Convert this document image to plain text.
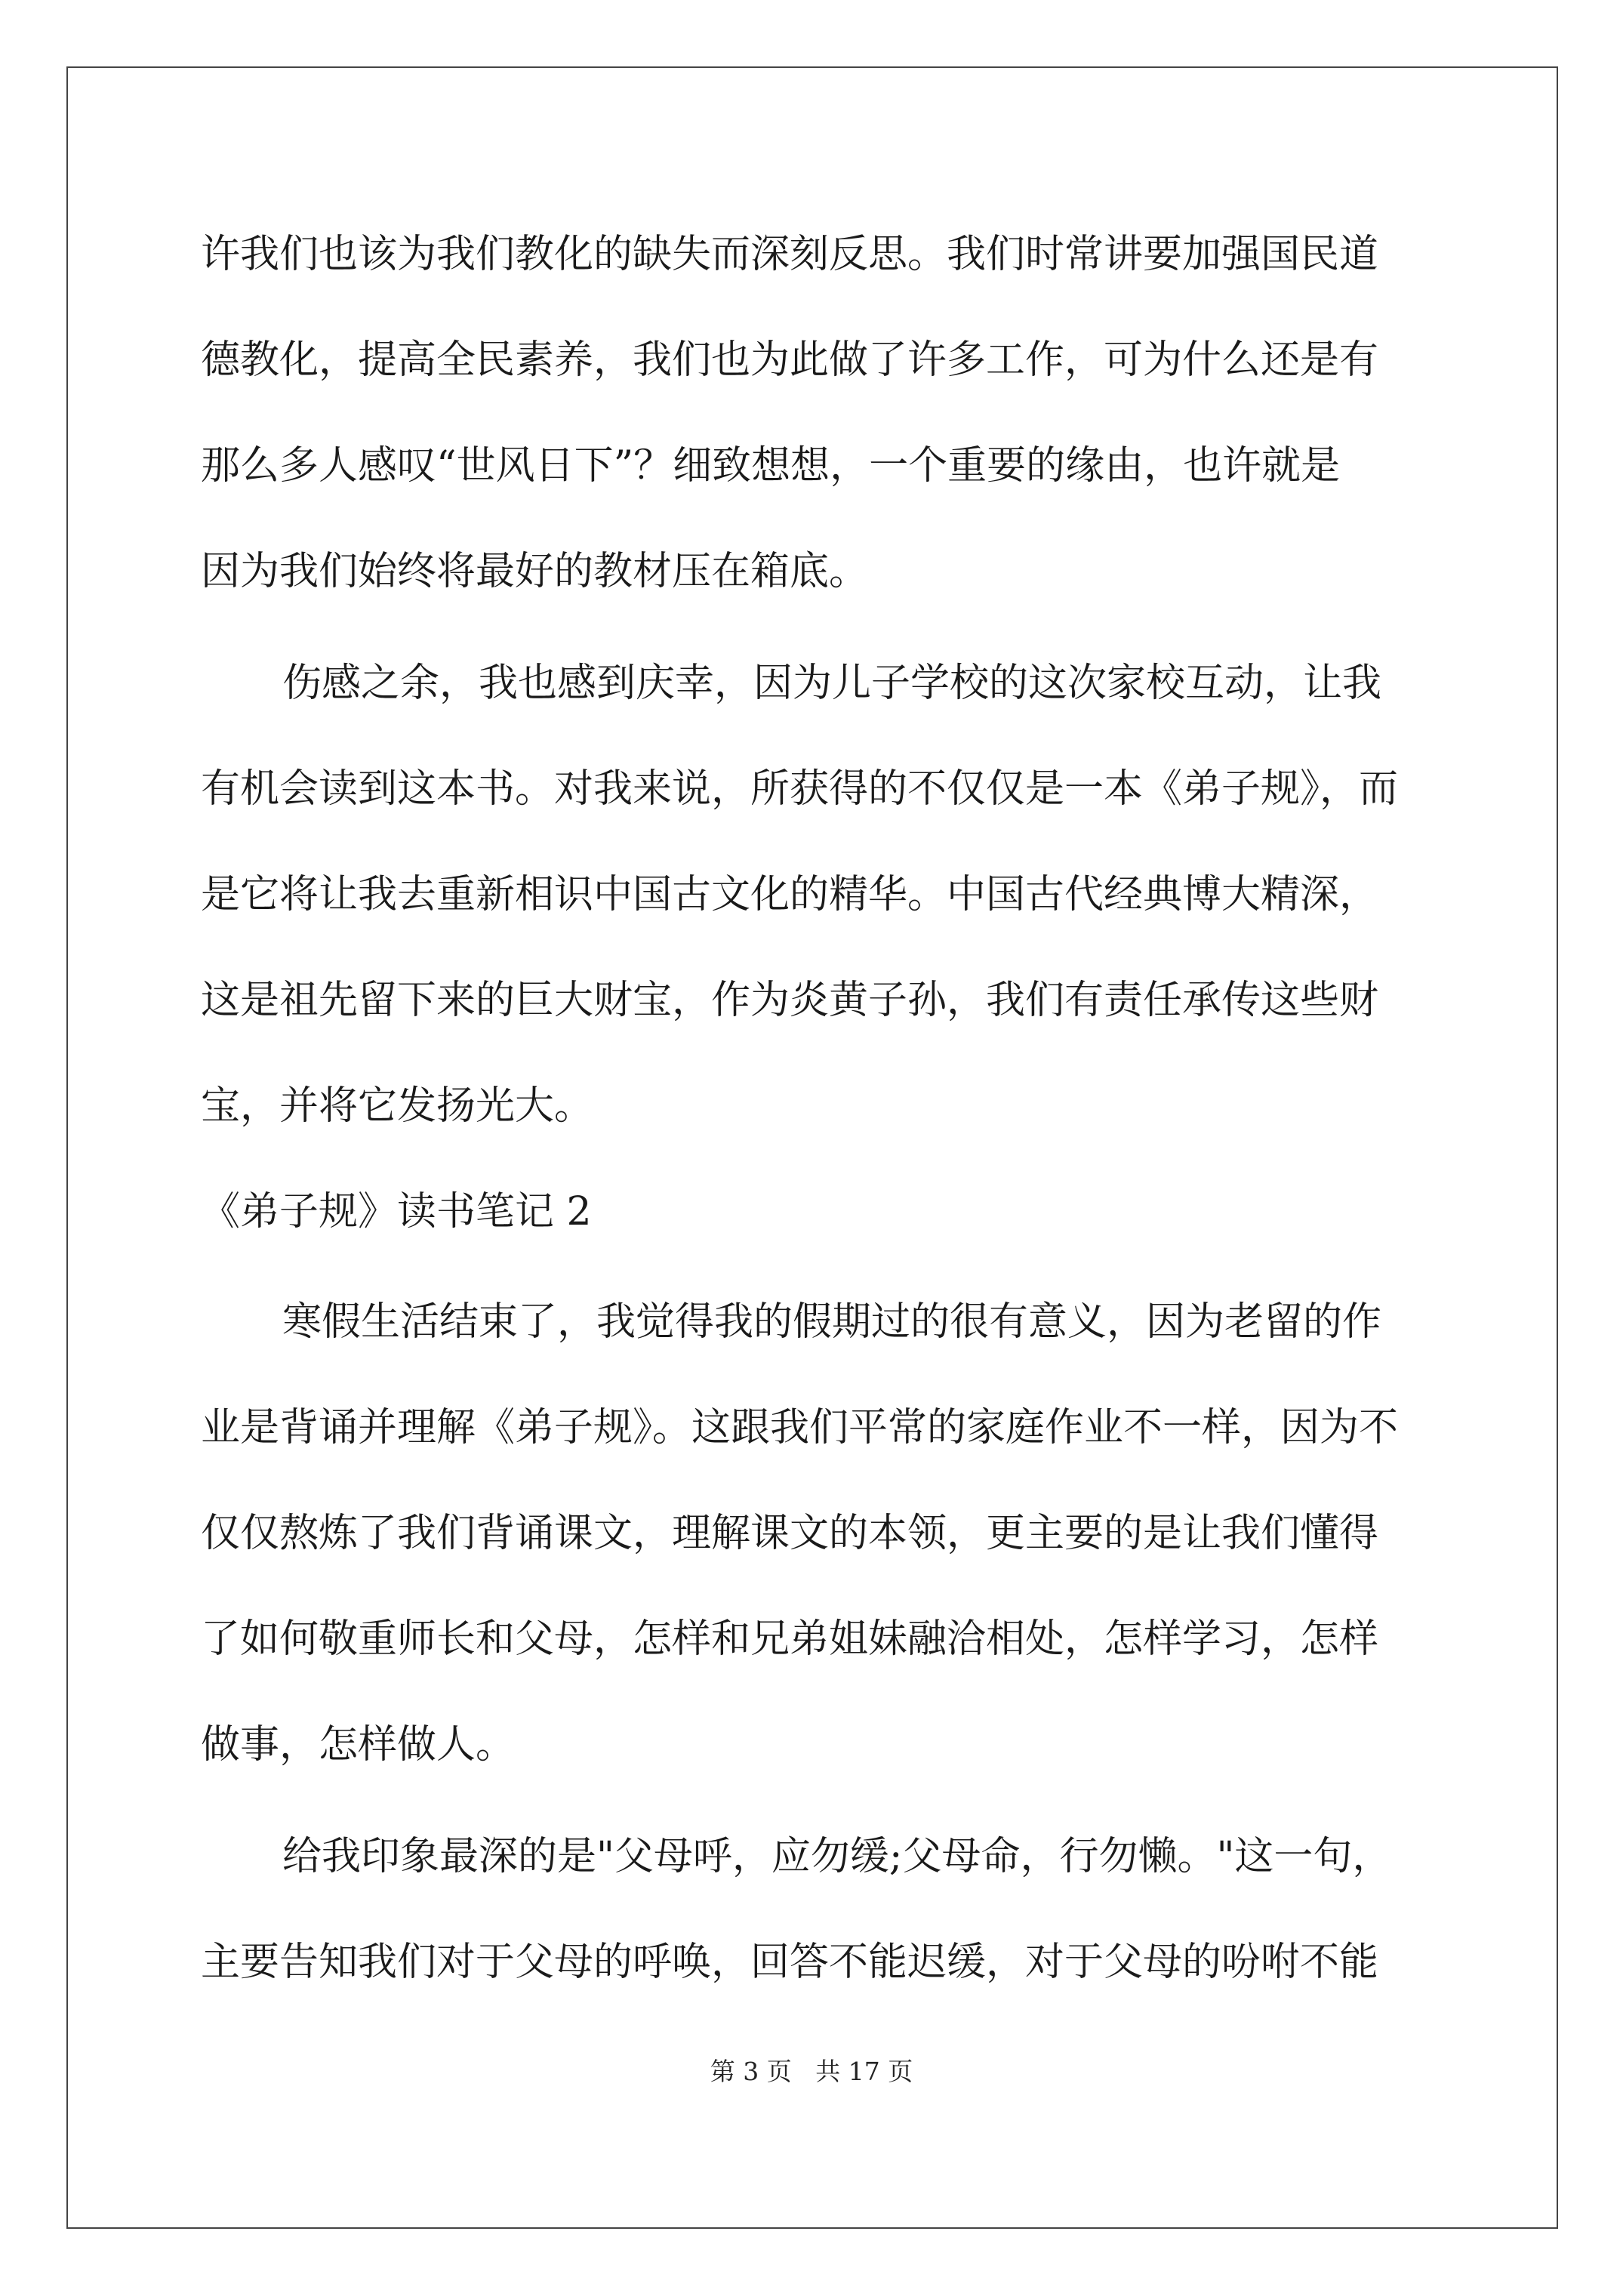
许我们也该为我们教化的缺失而深刻反思。我们时常讲要加强国民道
德教化，提高全民素养，我们也为此做了许多工作，可为什么还是有
那么多人感叹“世风日下”？细致想想，一个重要的缘由，也许就是
因为我们始终将最好的教材压在箱底。
伤感之余，我也感到庆幸，因为儿子学校的这次家校互动，让我
有机会读到这本书。对我来说，所获得的不仅仅是一本《弟子规》，而
是它将让我去重新相识中国古文化的精华。中国古代经典博大精深，
这是祖先留下来的巨大财宝，作为炎黄子孙，我们有责任承传这些财
宝，并将它发扬光大。
《弟子规》读书笔记 2
寒假生活结束了，我觉得我的假期过的很有意义，因为老留的作
业是背诵并理解《弟子规》。这跟我们平常的家庭作业不一样，因为不
仅仅熬炼了我们背诵课文，理解课文的本领，更主要的是让我们懂得
了如何敬重师长和父母，怎样和兄弟姐妹融洽相处，怎样学习，怎样
做事，怎样做人。
给我印象最深的是"父母呼，应勿缓;父母命，行勿懒。"这一句，
主要告知我们对于父母的呼唤，回答不能迟缓，对于父母的吩咐不能
第 3 页   共 17 页
